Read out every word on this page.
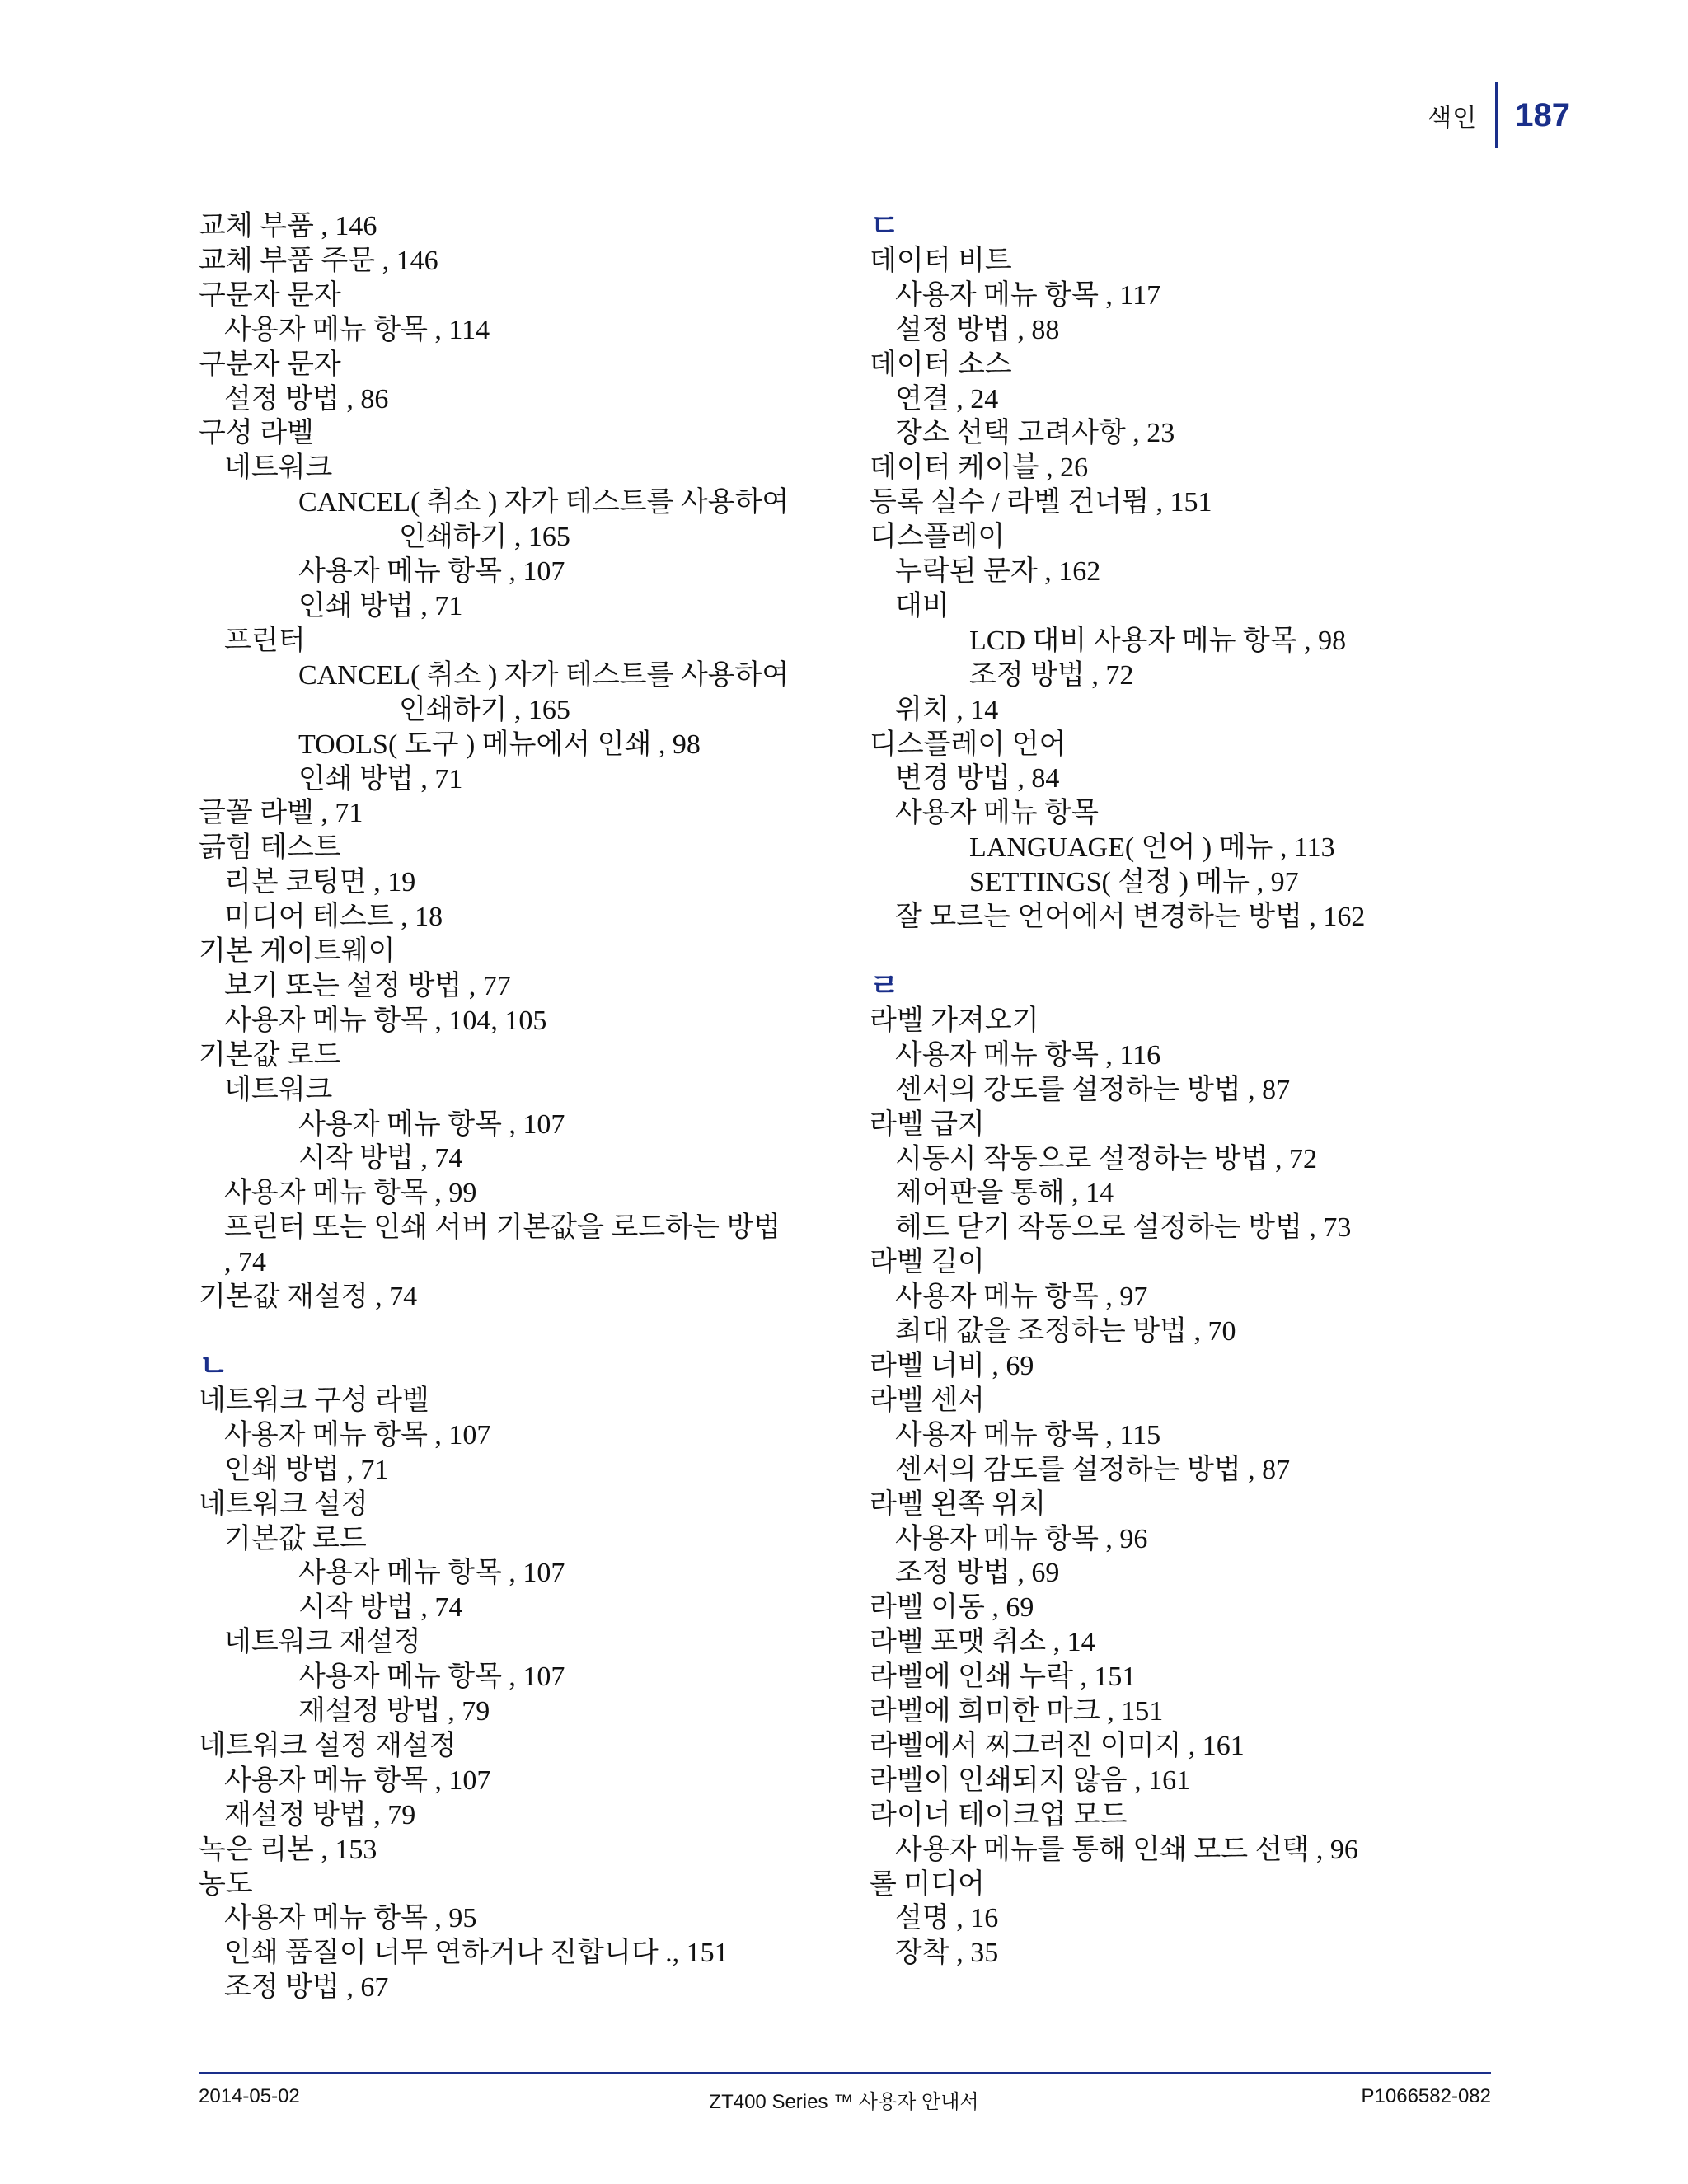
색인 187
교체 부품 , 146
교체 부품 주문 , 146
구문자 문자
사용자 메뉴 항목 , 114
구분자 문자
설정 방법 , 86
구성 라벨
네트워크
CANCEL( 취소 ) 자가 테스트를 사용하여
인쇄하기 , 165
사용자 메뉴 항목 , 107
인쇄 방법 , 71
프린터
CANCEL( 취소 ) 자가 테스트를 사용하여
인쇄하기 , 165
TOOLS( 도구 ) 메뉴에서 인쇄 , 98
인쇄 방법 , 71
글꼴 라벨 , 71
긁힘 테스트
리본 코팅면 , 19
미디어 테스트 , 18
기본 게이트웨이
보기 또는 설정 방법 , 77
사용자 메뉴 항목 , 104, 105
기본값 로드
네트워크
사용자 메뉴 항목 , 107
시작 방법 , 74
사용자 메뉴 항목 , 99
프린터 또는 인쇄 서버 기본값을 로드하는 방법
, 74
기본값 재설정 , 74
ㄴ
네트워크 구성 라벨
사용자 메뉴 항목 , 107
인쇄 방법 , 71
네트워크 설정
기본값 로드
사용자 메뉴 항목 , 107
시작 방법 , 74
네트워크 재설정
사용자 메뉴 항목 , 107
재설정 방법 , 79
네트워크 설정 재설정
사용자 메뉴 항목 , 107
재설정 방법 , 79
녹은 리본 , 153
농도
사용자 메뉴 항목 , 95
인쇄 품질이 너무 연하거나 진합니다 ., 151
조정 방법 , 67
ㄷ
데이터 비트
사용자 메뉴 항목 , 117
설정 방법 , 88
데이터 소스
연결 , 24
장소 선택 고려사항 , 23
데이터 케이블 , 26
등록 실수 / 라벨 건너뜀 , 151
디스플레이
누락된 문자 , 162
대비
LCD 대비 사용자 메뉴 항목 , 98
조정 방법 , 72
위치 , 14
디스플레이 언어
변경 방법 , 84
사용자 메뉴 항목
LANGUAGE( 언어 ) 메뉴 , 113
SETTINGS( 설정 ) 메뉴 , 97
잘 모르는 언어에서 변경하는 방법 , 162
ㄹ
라벨 가져오기
사용자 메뉴 항목 , 116
센서의 강도를 설정하는 방법 , 87
라벨 급지
시동시 작동으로 설정하는 방법 , 72
제어판을 통해 , 14
헤드 닫기 작동으로 설정하는 방법 , 73
라벨 길이
사용자 메뉴 항목 , 97
최대 값을 조정하는 방법 , 70
라벨 너비 , 69
라벨 센서
사용자 메뉴 항목 , 115
센서의 감도를 설정하는 방법 , 87
라벨 왼쪽 위치
사용자 메뉴 항목 , 96
조정 방법 , 69
라벨 이동 , 69
라벨 포맷 취소 , 14
라벨에 인쇄 누락 , 151
라벨에 희미한 마크 , 151
라벨에서 찌그러진 이미지 , 161
라벨이 인쇄되지 않음 , 161
라이너 테이크업 모드
사용자 메뉴를 통해 인쇄 모드 선택 , 96
롤 미디어
설명 , 16
장착 , 35
2014-05-02	ZT400 Series ™ 사용자 안내서	P1066582-082
